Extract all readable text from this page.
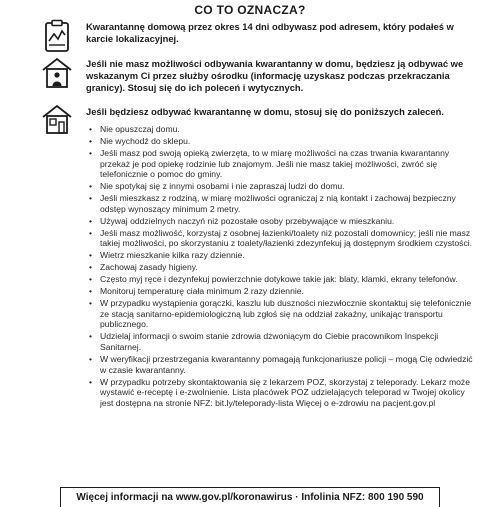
CO TO OZNACZA?
Kwarantannę domową przez okres 14 dni odbywasz pod adresem, który podałeś w karcie lokalizacyjnej.
Jeśli nie masz możliwości odbywania kwarantanny w domu, będziesz ją odbywać we wskazanym Ci przez służby ośrodku (informację uzyskasz podczas przekraczania granicy). Stosuj się do ich poleceń i wytycznych.
Jeśli będziesz odbywać kwarantannę w domu, stosuj się do poniższych zaleceń.
• Nie opuszczaj domu.
• Nie wychodź do sklepu.
• Jeśli masz pod swoją opieką zwierzęta, to w miarę możliwości na czas trwania kwarantanny przekaż je pod opiekę rodzinie lub znajomym. Jeśli nie masz takiej możliwości, zwróć się telefonicznie o pomoc do gminy.
• Nie spotykaj się z innymi osobami i nie zapraszaj ludzi do domu.
• Jeśli mieszkasz z rodziną, w miarę możliwości ograniczaj z nią kontakt i zachowaj bezpieczny odstęp wynoszący minimum 2 metry.
• Używaj oddzielnych naczyń niż pozostałe osoby przebywające w mieszkaniu.
• Jeśli masz możliwość, korzystaj z osobnej łazienki/toalety niż pozostali domownicy; jeśli nie masz takiej możliwości, po skorzystaniu z toalety/łazienki zdezynfekuj ją dostępnym środkiem czystości.
• Wietrz mieszkanie kilka razy dziennie.
• Zachowaj zasady higieny.
• Często myj ręce i dezynfekuj powierzchnie dotykowe takie jak: blaty, klamki, ekrany telefonów.
• Monitoruj temperaturę ciała minimum 2 razy dziennie.
• W przypadku wystąpienia gorączki, kaszlu lub duszności niezwłocznie skontaktuj się telefonicznie ze stacją sanitarno-epidemiologiczną lub zgłoś się na oddział zakaźny, unikając transportu publicznego.
• Udzielaj informacji o swoim stanie zdrowia dzwoniącym do Ciebie pracownikom Inspekcji Sanitarnej.
• W weryfikacji przestrzegania kwarantanny pomagają funkcjonariusze policji – mogą Cię odwiedzić w czasie kwarantanny.
• W przypadku potrzeby skontaktowania się z lekarzem POZ, skorzystaj z teleporady. Lekarz może wystawić e-receptę i e-zwolnienie. Lista placówek POZ udzielających teleporad w Twojej okolicy jest dostępna na stronie NFZ: bit.ly/teleporady-lista Więcej o e-zdrowiu na pacjent.gov.pl
Więcej informacji na www.gov.pl/koronawirus · Infolinia NFZ: 800 190 590
